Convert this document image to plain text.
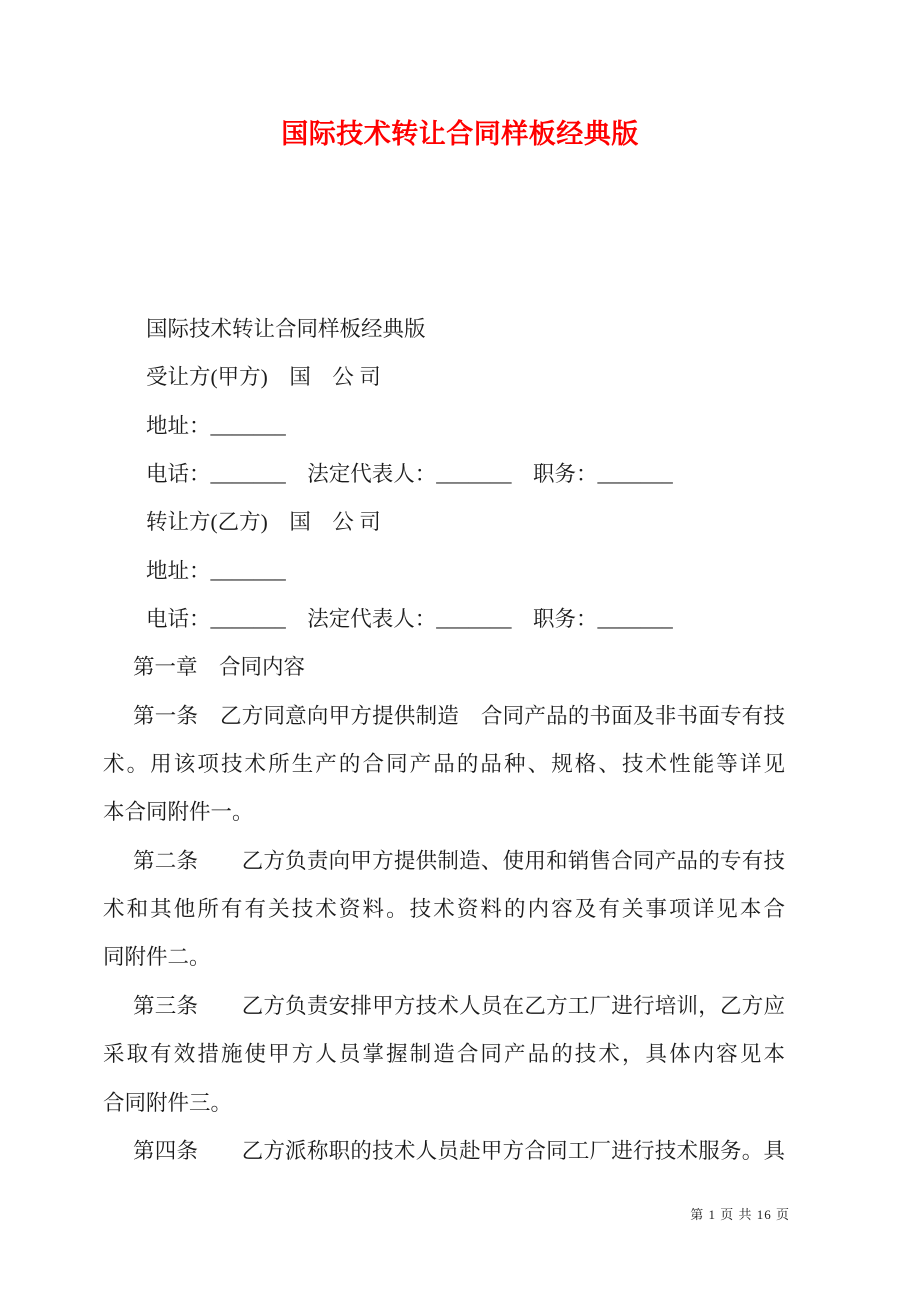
国际技术转让合同样板经典版
国际技术转让合同样板经典版
受让方(甲方)　国　公 司
地址：_______
电话：_______　法定代表人：_______　职务：_______
转让方(乙方)　国　公 司
地址：_______
电话：_______　法定代表人：_______　职务：_______
第一章　合同内容
第一条　乙方同意向甲方提供制造　合同产品的书面及非书面专有技
术。用该项技术所生产的合同产品的品种、规格、技术性能等详见
本合同附件一。
第二条　　乙方负责向甲方提供制造、使用和销售合同产品的专有技
术和其他所有有关技术资料。技术资料的内容及有关事项详见本合
同附件二。
第三条　　乙方负责安排甲方技术人员在乙方工厂进行培训，乙方应
采取有效措施使甲方人员掌握制造合同产品的技术，具体内容见本
合同附件三。
第四条　　乙方派称职的技术人员赴甲方合同工厂进行技术服务。具
第 1 页 共 16 页
